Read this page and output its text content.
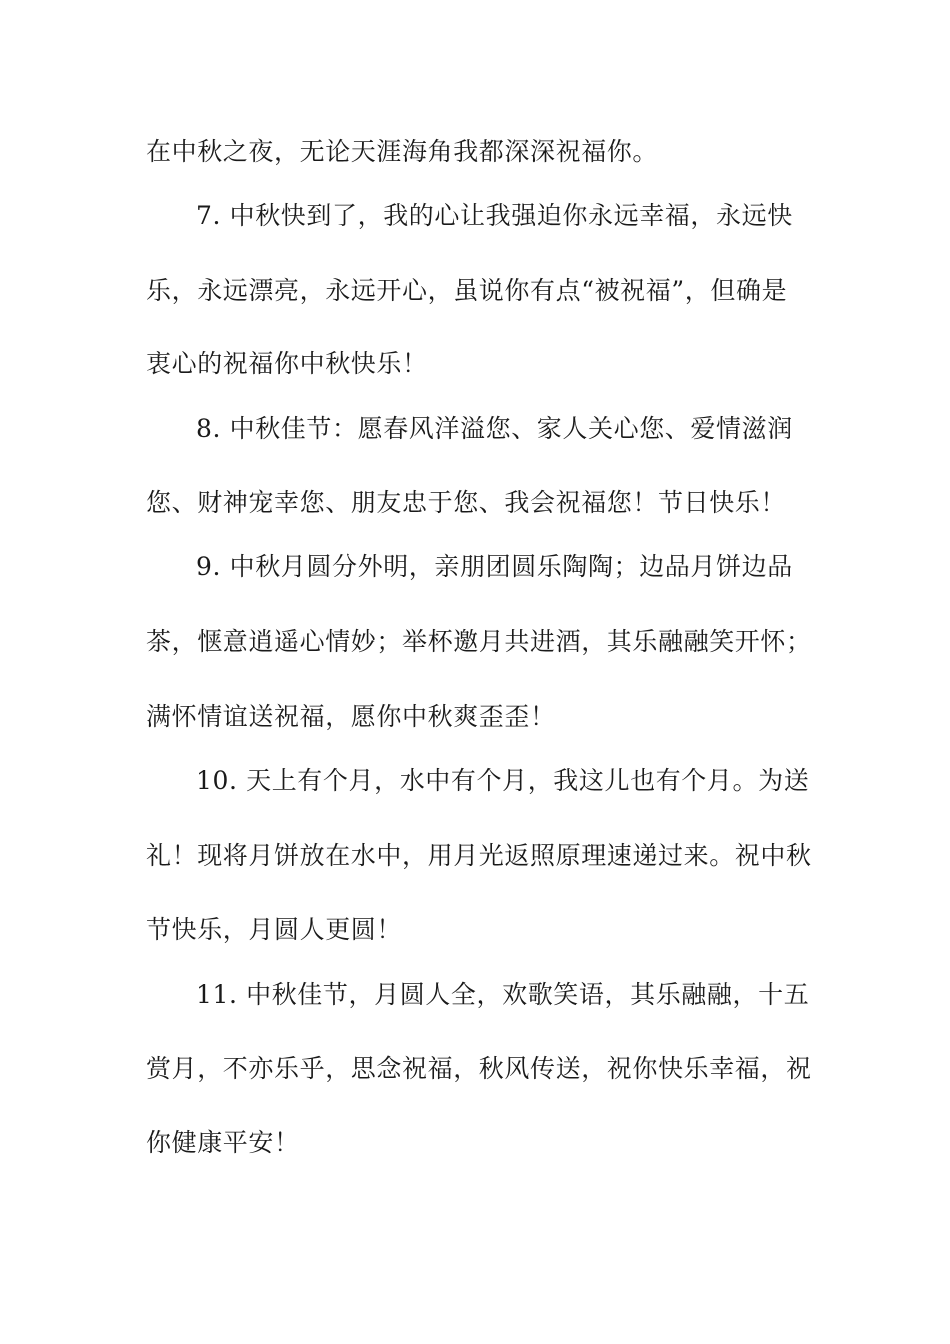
在中秋之夜，无论天涯海角我都深深祝福你。
7. 中秋快到了，我的心让我强迫你永远幸福，永远快
乐，永远漂亮，永远开心，虽说你有点“被祝福”，但确是
衷心的祝福你中秋快乐！
8. 中秋佳节：愿春风洋溢您、家人关心您、爱情滋润
您、财神宠幸您、朋友忠于您、我会祝福您！节日快乐！
9. 中秋月圆分外明，亲朋团圆乐陶陶；边品月饼边品
茶，惬意逍遥心情妙；举杯邀月共进酒，其乐融融笑开怀；
满怀情谊送祝福，愿你中秋爽歪歪！
10. 天上有个月，水中有个月，我这儿也有个月。为送
礼！现将月饼放在水中，用月光返照原理速递过来。祝中秋
节快乐，月圆人更圆！
11. 中秋佳节，月圆人全，欢歌笑语，其乐融融，十五
赏月，不亦乐乎，思念祝福，秋风传送，祝你快乐幸福，祝
你健康平安！
